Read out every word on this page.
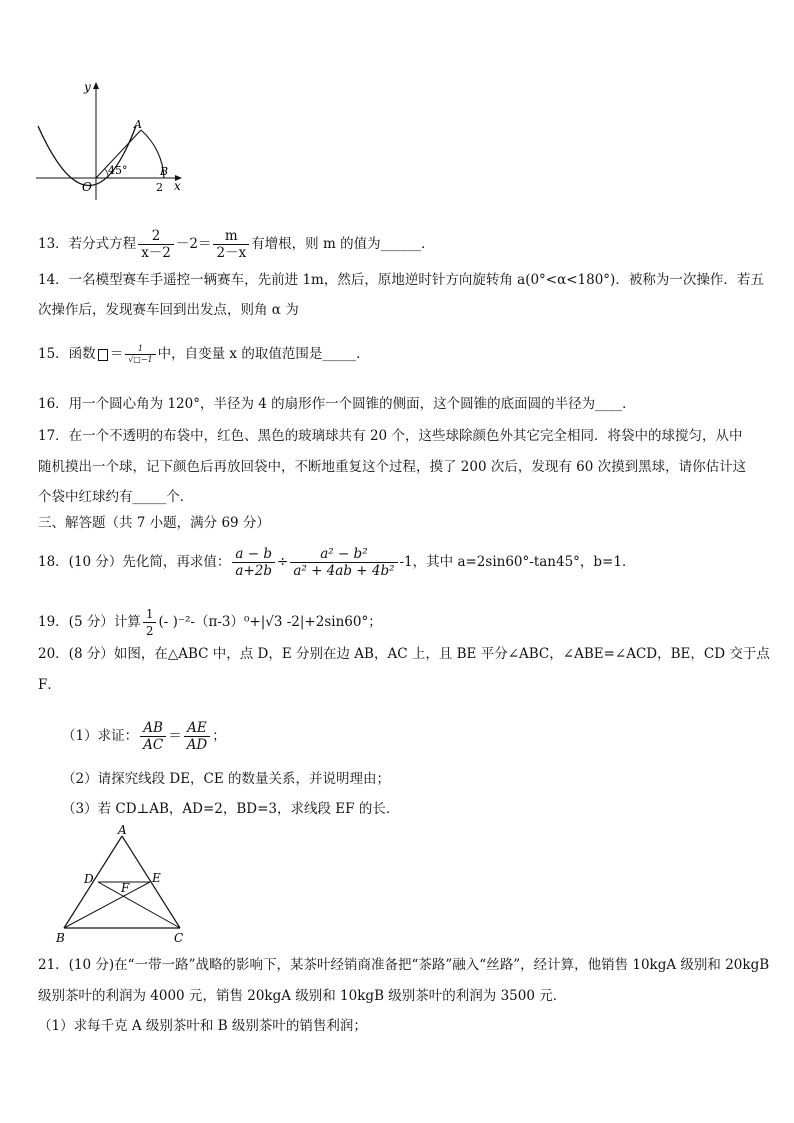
y
x
O
A
B
45°
2
13．若分式方程 $\frac{2}{x-2} -2= \frac{m}{2-x}$ 有增根，则 m 的值为______．
14．一名模型赛车手遥控一辆赛车，先前进 1m，然后，原地逆时针方向旋转角 a(0°<α<180°)．被称为一次操作．若五
次操作后，发现赛车回到出发点，则角 α 为
15．函数 ＝ $\frac{1}{√□-1}$ 中，自变量 x 的取值范围是_____．
16．用一个圆心角为 120°，半径为 4 的扇形作一个圆锥的侧面，这个圆锥的底面圆的半径为____．
17．在一个不透明的布袋中，红色、黑色的玻璃球共有 20 个，这些球除颜色外其它完全相同．将袋中的球搅匀，从中
随机摸出一个球，记下颜色后再放回袋中，不断地重复这个过程，摸了 200 次后，发现有 60 次摸到黑球，请你估计这
个袋中红球约有_____个．
三、解答题（共 7 小题，满分 69 分）
18．(10 分）先化简，再求值： $\frac{a - b}{a+2b} \div \frac{\text{a² − b²}}{\text{a² + 4ab + 4b²}} -1$，其中 a=2sin60°-tan45°，b=1．
19．(5 分）计算 $\frac{1}{2}$ (- )⁻²-（π-3）⁰+|√3 -2|+2sin60°；
20．(8 分）如图，在△ABC 中，点 D，E 分别在边 AB，AC 上，且 BE 平分∠ABC，∠ABE=∠ACD，BE，CD 交于点
F．
（1）求证： $\frac{AB}{AC} = \frac{AE}{AD}$ ；
（2）请探究线段 DE，CE 的数量关系，并说明理由；
（3）若 CD⊥AB，AD=2，BD=3，求线段 EF 的长．
A
B	C
D	E
F
21．(10 分)在“一带一路”战略的影响下，某茶叶经销商准备把“茶路”融入“丝路”，经计算，他销售 10kgA 级别和 20kgB
级别茶叶的利润为 4000 元，销售 20kgA 级别和 10kgB 级别茶叶的利润为 3500 元．
（1）求每千克 A 级别茶叶和 B 级别茶叶的销售利润；
